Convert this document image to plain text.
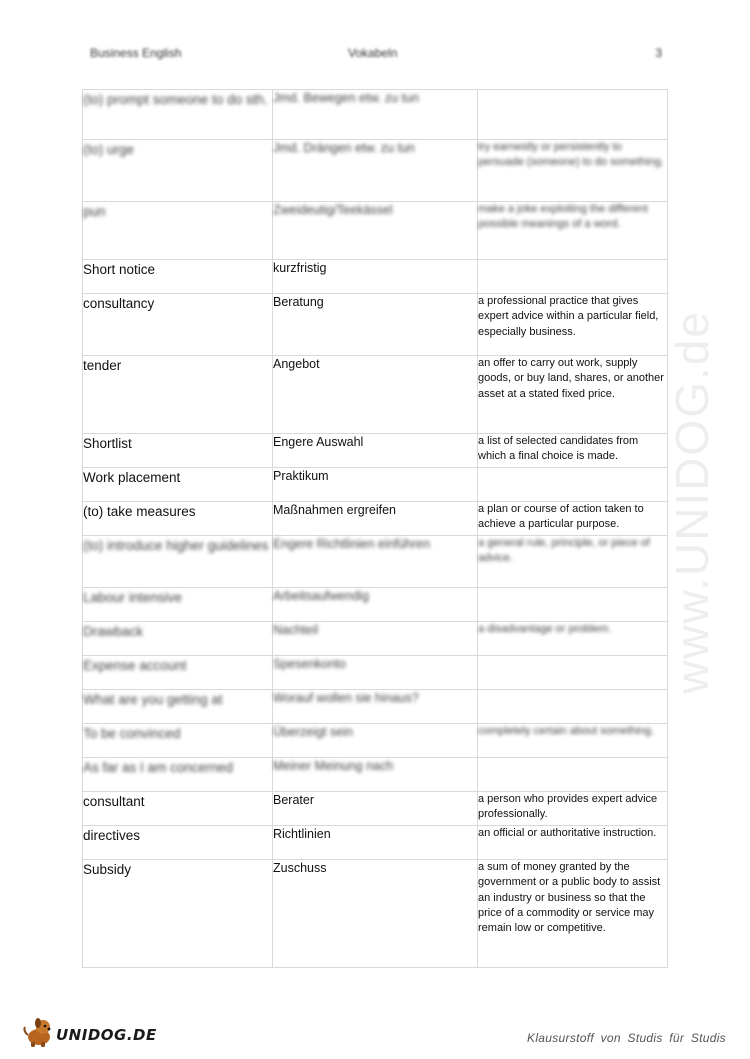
Business English	Vokabeln	3
www.UNIDOG.de
(to) prompt someone to do sth.	Jmd. Bewegen etw. zu tun	
(to) urge	Jmd. Drängen etw. zu tun	try earnestly or persistently to persuade (someone) to do something.
pun	Zweideutig/Teekässel	make a joke exploiting the different possible meanings of a word.
Short notice	kurzfristig	
consultancy	Beratung	a professional practice that gives expert advice within a particular field, especially business.
tender	Angebot	an offer to carry out work, supply goods, or buy land, shares, or another asset at a stated fixed price.
Shortlist	Engere Auswahl	a list of selected candidates from which a final choice is made.
Work placement	Praktikum	
(to) take measures	Maßnahmen ergreifen	a plan or course of action taken to achieve a particular purpose.
(to) introduce higher guidelines	Engere Richtlinien einführen	a general rule, principle, or piece of advice.
Labour intensive	Arbeitsaufwendig	
Drawback	Nachteil	a disadvantage or problem.
Expense account	Spesenkonto	
What are you getting at	Worauf wollen sie hinaus?	
To be convinced	Überzeigt sein	completely certain about something.
As far as I am concerned	Meiner Meinung nach	
consultant	Berater	a person who provides expert advice professionally.
directives	Richtlinien	an official or authoritative instruction.
Subsidy	Zuschuss	a sum of money granted by the government or a public body to assist an industry or business so that the price of a commodity or service may remain low or competitive.
UNIDOG.DE	Klausurstoff von Studis für Studis
